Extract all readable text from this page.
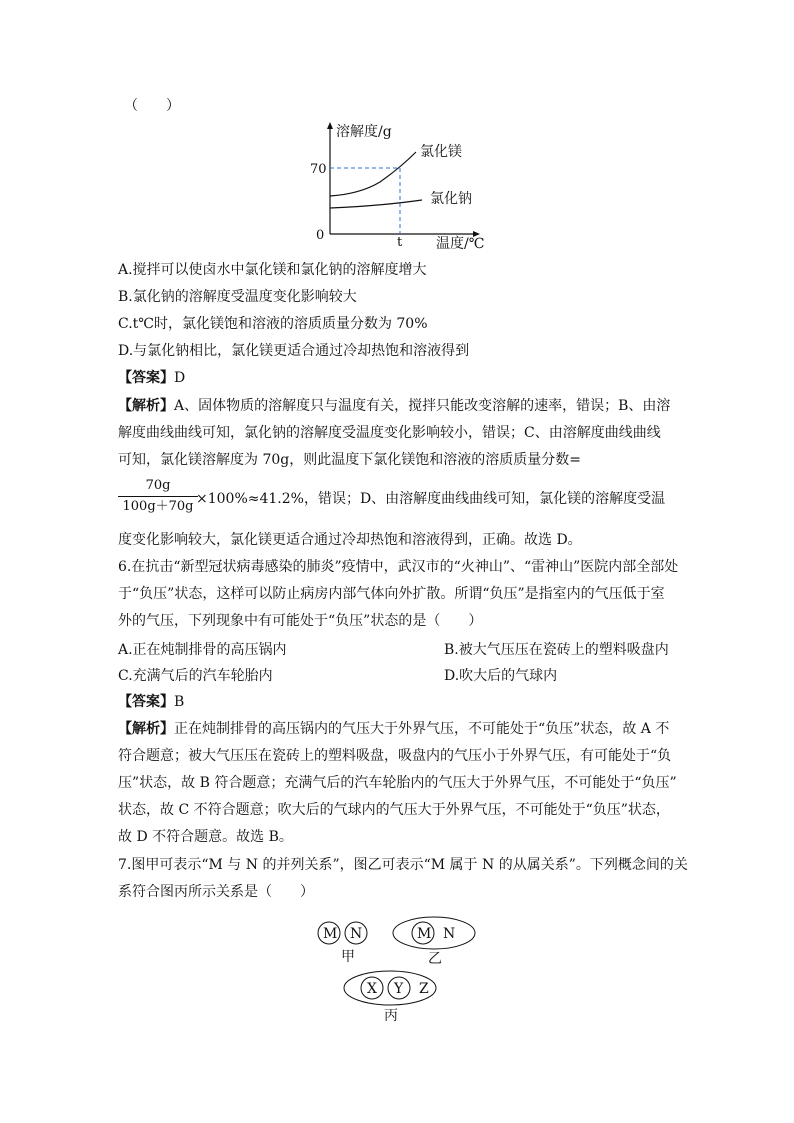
（　　）
溶解度/g
70
0	t 温度/℃
氯化镁
氯化钠
A.搅拌可以使卤水中氯化镁和氯化钠的溶解度增大
B.氯化钠的溶解度受温度变化影响较大
C.t℃时，氯化镁饱和溶液的溶质质量分数为 70%
D.与氯化钠相比，氯化镁更适合通过冷却热饱和溶液得到
【答案】D
【解析】A、固体物质的溶解度只与温度有关，搅拌只能改变溶解的速率，错误；B、由溶
解度曲线曲线可知，氯化钠的溶解度受温度变化影响较小，错误；C、由溶解度曲线曲线
可知，氯化镁溶解度为 70g，则此温度下氯化镁饱和溶液的溶质质量分数=
70g
100g＋70g ×100%≈41.2%，错误；D、由溶解度曲线曲线可知，氯化镁的溶解度受温
度变化影响较大，氯化镁更适合通过冷却热饱和溶液得到，正确。故选 D。
6.在抗击“新型冠状病毒感染的肺炎”疫情中，武汉市的“火神山”、“雷神山”医院内部全部处
于“负压”状态，这样可以防止病房内部气体向外扩散。所谓“负压”是指室内的气压低于室
外的气压，下列现象中有可能处于“负压”状态的是（　　）
A.正在炖制排骨的高压锅内	B.被大气压压在瓷砖上的塑料吸盘内
C.充满气后的汽车轮胎内	D.吹大后的气球内
【答案】B
【解析】正在炖制排骨的高压锅内的气压大于外界气压，不可能处于“负压”状态，故 A 不
符合题意；被大气压压在瓷砖上的塑料吸盘，吸盘内的气压小于外界气压，有可能处于“负
压”状态，故 B 符合题意；充满气后的汽车轮胎内的气压大于外界气压，不可能处于“负压”
状态，故 C 不符合题意；吹大后的气球内的气压大于外界气压，不可能处于“负压”状态，
故 D 不符合题意。故选 B。
7.图甲可表示“M 与 N 的并列关系”，图乙可表示“M 属于 N 的从属关系”。下列概念间的关
系符合图丙所示关系是（　　）
M N
甲
M N
乙
X Y Z
丙
